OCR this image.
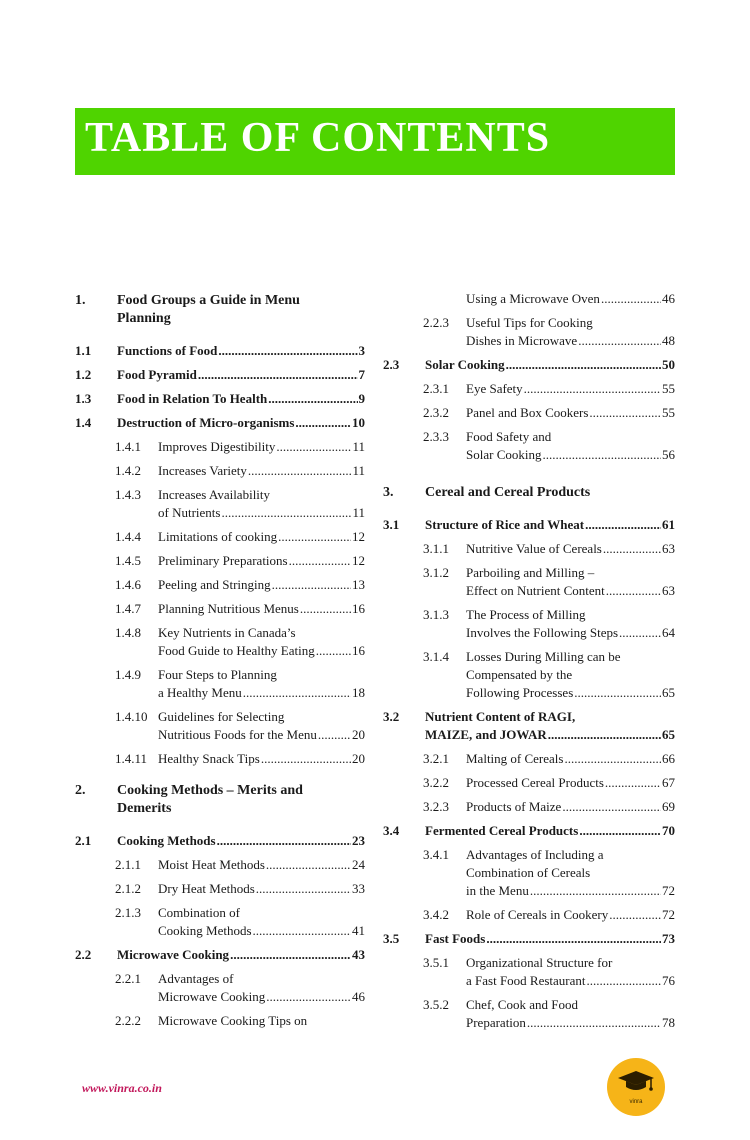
TABLE OF CONTENTS
1. Food Groups a Guide in Menu
Planning
1.1 Functions of Food .....	3
1.2 Food Pyramid .....	7
1.3 Food in Relation To Health .....	9
1.4 Destruction of Micro-organisms .....	10
1.4.1 Improves Digestibility .....	11
1.4.2 Increases Variety .....	11
1.4.3 Increases Availability
of Nutrients .....	11
1.4.4 Limitations of cooking .....	12
1.4.5 Preliminary Preparations .....	12
1.4.6 Peeling and Stringing .....	13
1.4.7 Planning Nutritious Menus .....	16
1.4.8 Key Nutrients in Canada’s
Food Guide to Healthy Eating .....	16
1.4.9 Four Steps to Planning
a Healthy Menu .....	18
1.4.10 Guidelines for Selecting
Nutritious Foods for the Menu .....	20
1.4.11 Healthy Snack Tips .....	20
2. Cooking Methods – Merits and
Demerits
2.1 Cooking Methods .....	23
2.1.1 Moist Heat Methods .....	24
2.1.2 Dry Heat Methods .....	33
2.1.3 Combination of
Cooking Methods .....	41
2.2 Microwave Cooking .....	43
2.2.1 Advantages of
Microwave Cooking .....	46
2.2.2 Microwave Cooking Tips on
Using a Microwave Oven .....	46
2.2.3 Useful Tips for Cooking
Dishes in Microwave .....	48
2.3 Solar Cooking .....	50
2.3.1 Eye Safety .....	55
2.3.2 Panel and Box Cookers .....	55
2.3.3 Food Safety and
Solar Cooking .....	56
3. Cereal and Cereal Products
3.1 Structure of Rice and Wheat .....	61
3.1.1 Nutritive Value of Cereals .....	63
3.1.2 Parboiling and Milling –
Effect on Nutrient Content .....	63
3.1.3 The Process of Milling
Involves the Following Steps .....	64
3.1.4 Losses During Milling can be
Compensated by the
Following Processes .....	65
3.2 Nutrient Content of RAGI,
MAIZE, and JOWAR .....	65
3.2.1 Malting of Cereals .....	66
3.2.2 Processed Cereal Products .....	67
3.2.3 Products of Maize .....	69
3.4 Fermented Cereal Products .....	70
3.4.1 Advantages of Including a
Combination of Cereals
in the Menu .....	72
3.4.2 Role of Cereals in Cookery .....	72
3.5 Fast Foods .....	73
3.5.1 Organizational Structure for
a Fast Food Restaurant .....	76
3.5.2 Chef, Cook and Food
Preparation .....	78
www.vinra.co.in
vinra
